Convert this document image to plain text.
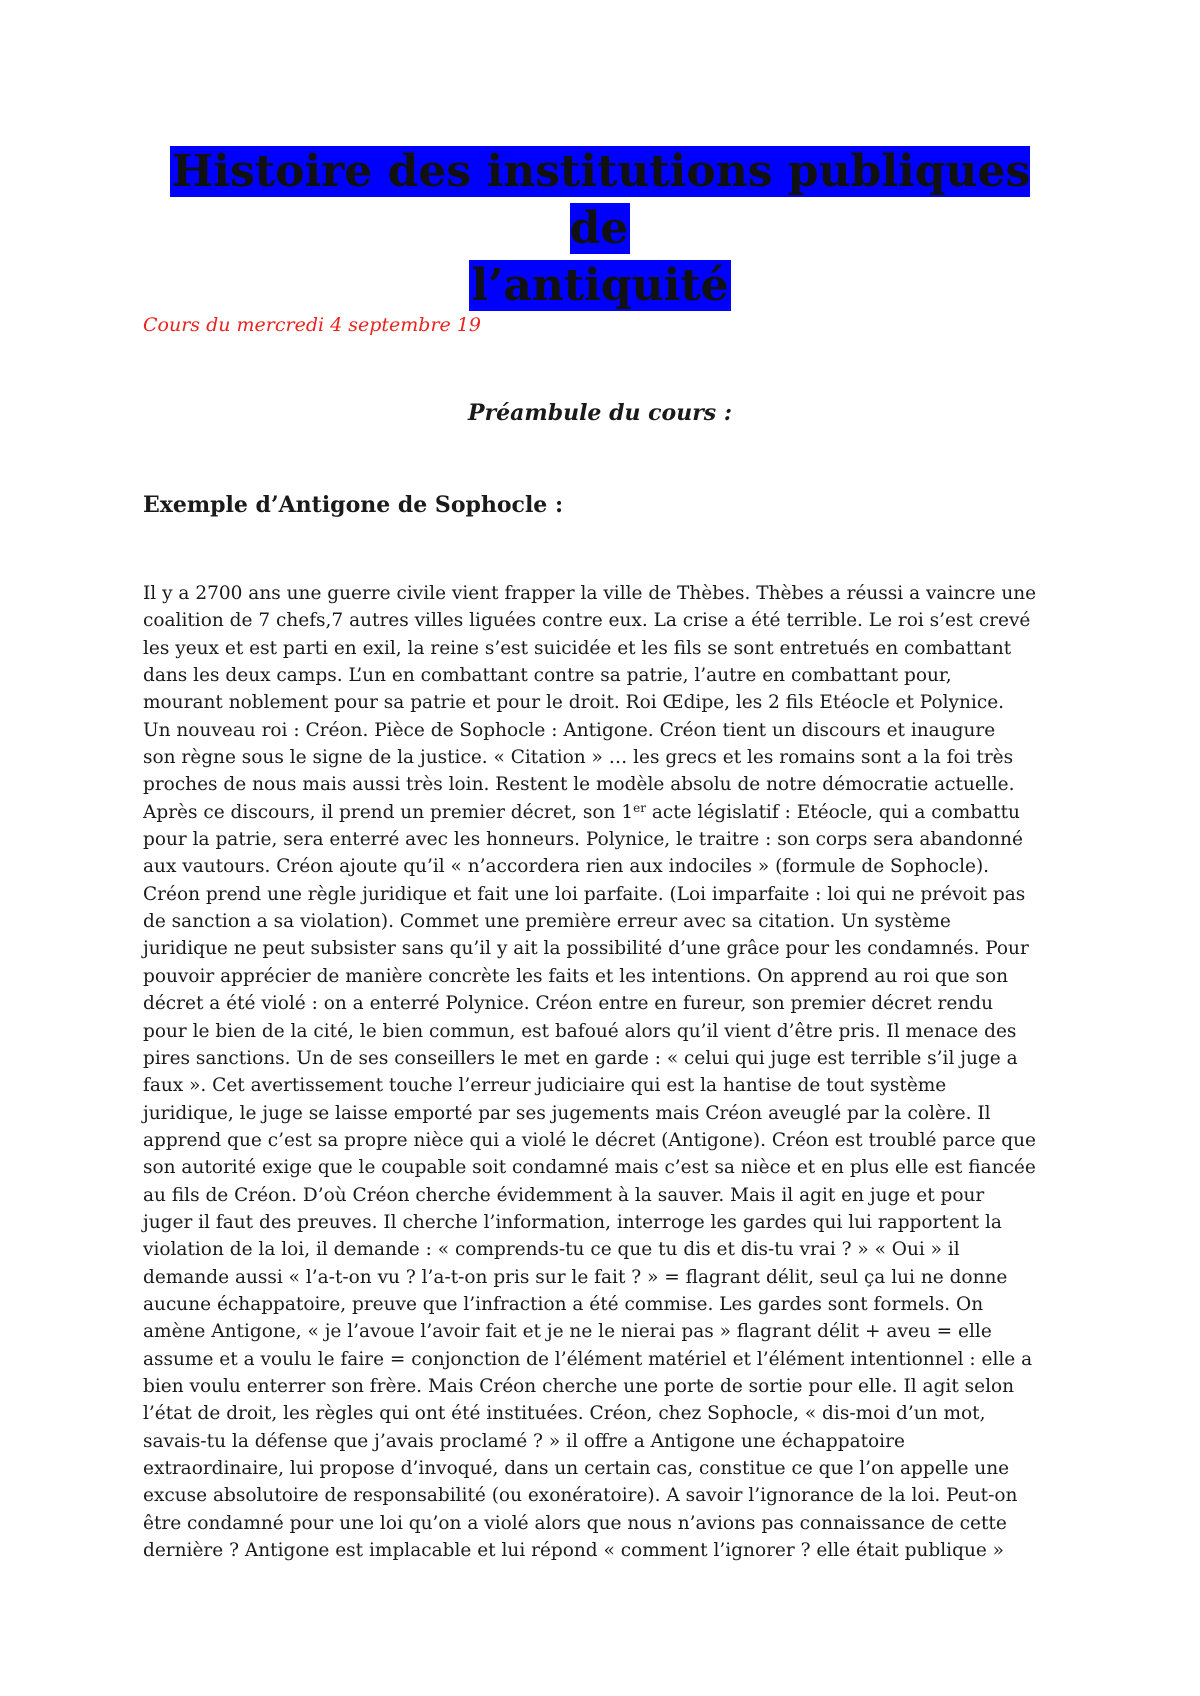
Histoire des institutions publiques de
l’antiquité
Cours du mercredi 4 septembre 19
Préambule du cours :
Exemple d’Antigone de Sophocle :
Il y a 2700 ans une guerre civile vient frapper la ville de Thèbes. Thèbes a réussi a vaincre une
coalition de 7 chefs,7 autres villes liguées contre eux. La crise a été terrible. Le roi s’est crevé
les yeux et est parti en exil, la reine s’est suicidée et les fils se sont entretués en combattant
dans les deux camps. L’un en combattant contre sa patrie, l’autre en combattant pour,
mourant noblement pour sa patrie et pour le droit. Roi Œdipe, les 2 fils Etéocle et Polynice.
Un nouveau roi : Créon. Pièce de Sophocle : Antigone. Créon tient un discours et inaugure
son règne sous le signe de la justice. « Citation » … les grecs et les romains sont a la foi très
proches de nous mais aussi très loin. Restent le modèle absolu de notre démocratie actuelle.
Après ce discours, il prend un premier décret, son 1er acte législatif : Etéocle, qui a combattu
pour la patrie, sera enterré avec les honneurs. Polynice, le traitre : son corps sera abandonné
aux vautours. Créon ajoute qu’il « n’accordera rien aux indociles » (formule de Sophocle).
Créon prend une règle juridique et fait une loi parfaite. (Loi imparfaite : loi qui ne prévoit pas
de sanction a sa violation). Commet une première erreur avec sa citation. Un système
juridique ne peut subsister sans qu’il y ait la possibilité d’une grâce pour les condamnés. Pour
pouvoir apprécier de manière concrète les faits et les intentions. On apprend au roi que son
décret a été violé : on a enterré Polynice. Créon entre en fureur, son premier décret rendu
pour le bien de la cité, le bien commun, est bafoué alors qu’il vient d’être pris. Il menace des
pires sanctions. Un de ses conseillers le met en garde : « celui qui juge est terrible s’il juge a
faux ». Cet avertissement touche l’erreur judiciaire qui est la hantise de tout système
juridique, le juge se laisse emporté par ses jugements mais Créon aveuglé par la colère. Il
apprend que c’est sa propre nièce qui a violé le décret (Antigone). Créon est troublé parce que
son autorité exige que le coupable soit condamné mais c’est sa nièce et en plus elle est fiancée
au fils de Créon. D’où Créon cherche évidemment à la sauver. Mais il agit en juge et pour
juger il faut des preuves. Il cherche l’information, interroge les gardes qui lui rapportent la
violation de la loi, il demande : « comprends-tu ce que tu dis et dis-tu vrai ? » « Oui » il
demande aussi « l’a-t-on vu ? l’a-t-on pris sur le fait ? » = flagrant délit, seul ça lui ne donne
aucune échappatoire, preuve que l’infraction a été commise. Les gardes sont formels. On
amène Antigone, « je l’avoue l’avoir fait et je ne le nierai pas » flagrant délit + aveu = elle
assume et a voulu le faire = conjonction de l’élément matériel et l’élément intentionnel : elle a
bien voulu enterrer son frère. Mais Créon cherche une porte de sortie pour elle. Il agit selon
l’état de droit, les règles qui ont été instituées. Créon, chez Sophocle, « dis-moi d’un mot,
savais-tu la défense que j’avais proclamé ? » il offre a Antigone une échappatoire
extraordinaire, lui propose d’invoqué, dans un certain cas, constitue ce que l’on appelle une
excuse absolutoire de responsabilité (ou exonératoire). A savoir l’ignorance de la loi. Peut-on
être condamné pour une loi qu’on a violé alors que nous n’avions pas connaissance de cette
dernière ? Antigone est implacable et lui répond « comment l’ignorer ? elle était publique »
